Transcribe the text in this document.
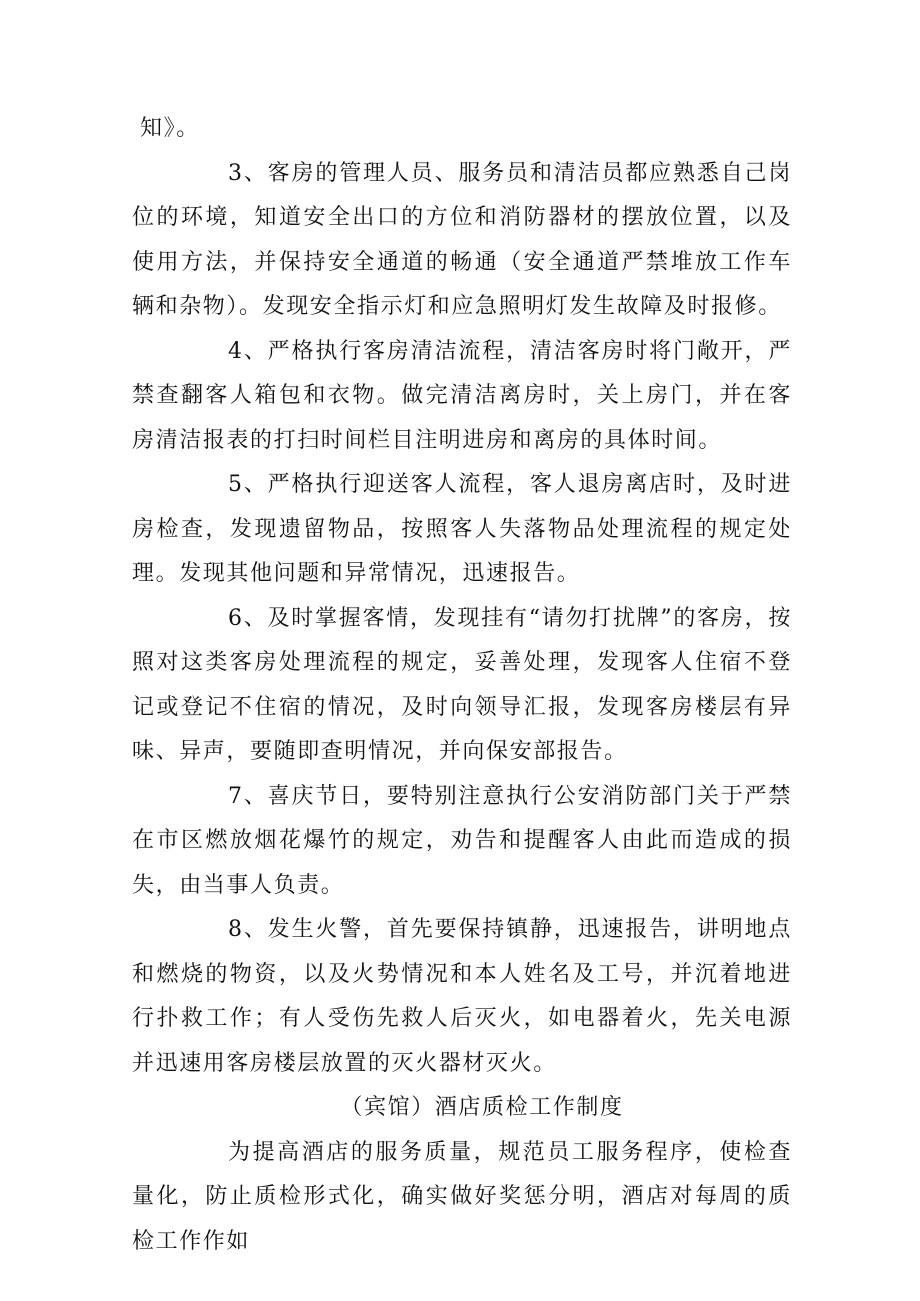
知》。

3、客房的管理人员、服务员和清洁员都应熟悉自己岗位的环境，知道安全出口的方位和消防器材的摆放位置，以及使用方法，并保持安全通道的畅通（安全通道严禁堆放工作车辆和杂物）。发现安全指示灯和应急照明灯发生故障及时报修。

4、严格执行客房清洁流程，清洁客房时将门敞开，严禁查翻客人箱包和衣物。做完清洁离房时，关上房门，并在客房清洁报表的打扫时间栏目注明进房和离房的具体时间。

5、严格执行迎送客人流程，客人退房离店时，及时进房检查，发现遗留物品，按照客人失落物品处理流程的规定处理。发现其他问题和异常情况，迅速报告。

6、及时掌握客情，发现挂有“请勿打扰牌”的客房，按照对这类客房处理流程的规定，妥善处理，发现客人住宿不登记或登记不住宿的情况，及时向领导汇报，发现客房楼层有异味、异声，要随即查明情况，并向保安部报告。

7、喜庆节日，要特别注意执行公安消防部门关于严禁在市区燃放烟花爆竹的规定，劝告和提醒客人由此而造成的损失，由当事人负责。

8、发生火警，首先要保持镇静，迅速报告，讲明地点和燃烧的物资，以及火势情况和本人姓名及工号，并沉着地进行扑救工作；有人受伤先救人后灭火，如电器着火，先关电源并迅速用客房楼层放置的灭火器材灭火。

（宾馆）酒店质检工作制度

为提高酒店的服务质量，规范员工服务程序，使检查量化，防止质检形式化，确实做好奖惩分明，酒店对每周的质检工作作如
